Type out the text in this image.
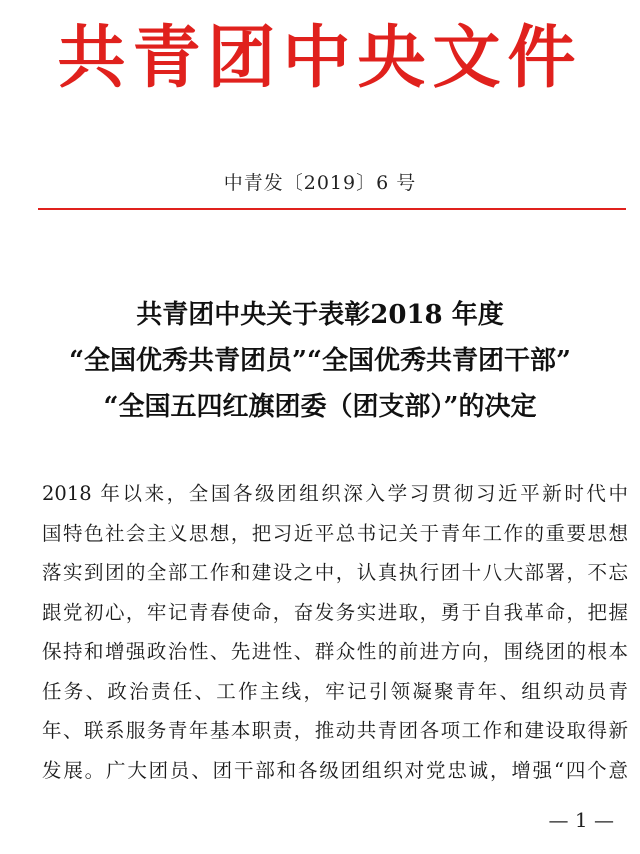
共青团中央文件
中青发〔2019〕6 号
共青团中央关于表彰2018 年度
“全国优秀共青团员”“全国优秀共青团干部”
“全国五四红旗团委（团支部）”的决定
2018 年以来，全国各级团组织深入学习贯彻习近平新时代中
国特色社会主义思想，把习近平总书记关于青年工作的重要思想
落实到团的全部工作和建设之中，认真执行团十八大部署，不忘
跟党初心，牢记青春使命，奋发务实进取，勇于自我革命，把握
保持和增强政治性、先进性、群众性的前进方向，围绕团的根本
任务、政治责任、工作主线，牢记引领凝聚青年、组织动员青
年、联系服务青年基本职责，推动共青团各项工作和建设取得新
发展。广大团员、团干部和各级团组织对党忠诚，增强“四个意
— 1 —
